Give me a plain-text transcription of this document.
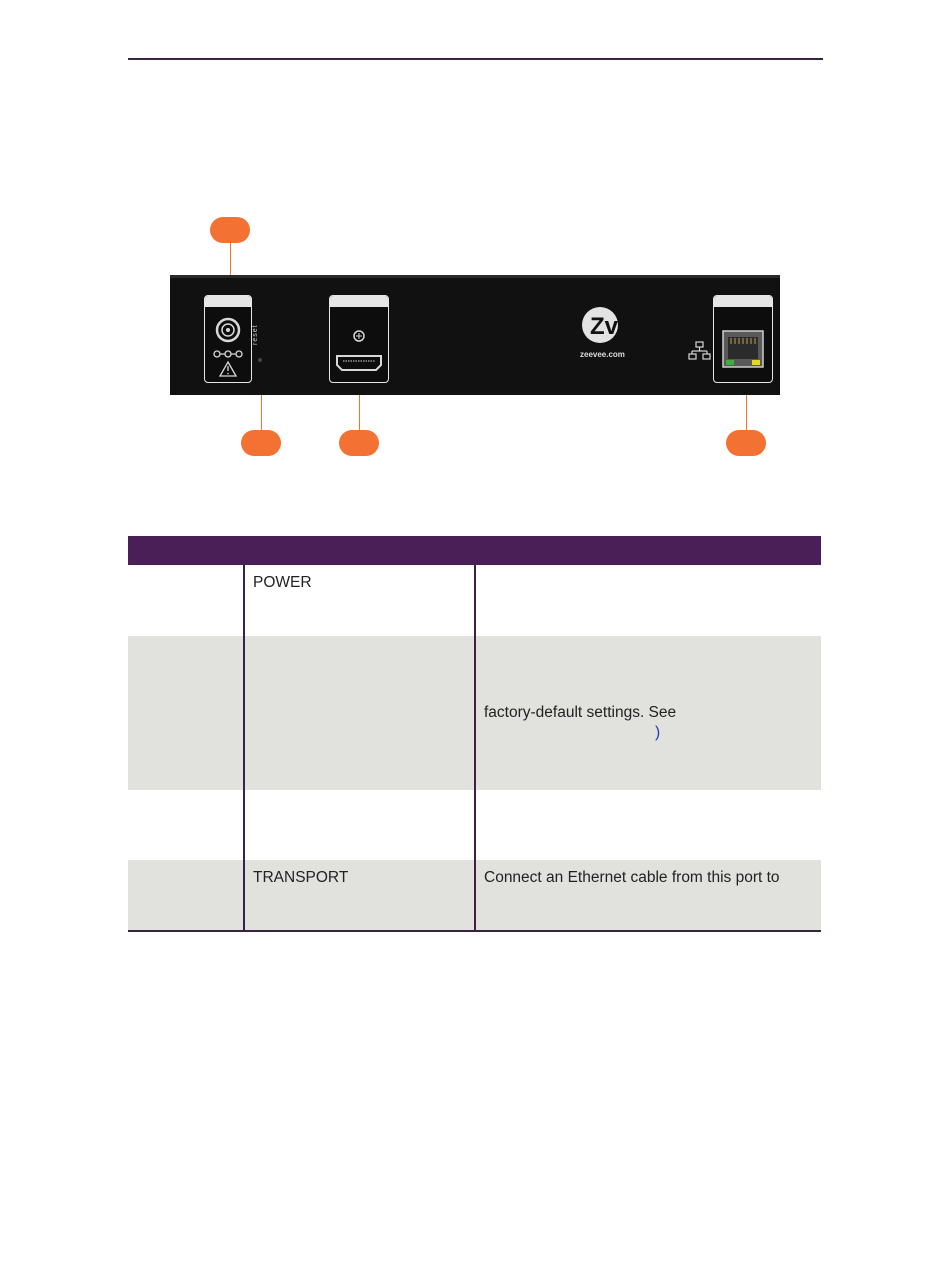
reset	Zv
zeevee.com
POWER
factory-default settings. See
)
TRANSPORT	Connect an Ethernet cable from this port to
